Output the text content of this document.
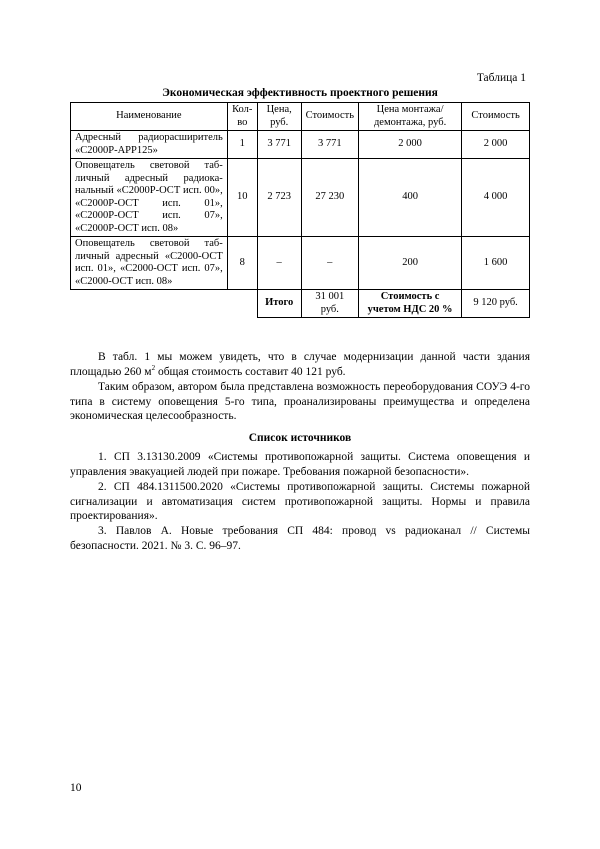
Таблица 1
Экономическая эффективность проектного решения
Наименование	Кол-во	Цена, руб.	Стоимость	Цена монтажа/ демонтажа, руб.	Стоимость
Адресный радиорасширитель «С2000Р-АРР125»	1	3 771	3 771	2 000	2 000
Оповещатель световой таб-личный адресный радиока-нальный «С2000Р-ОСТ исп. 00», «С2000Р-ОСТ исп. 01», «С2000Р-ОСТ исп. 07», «С2000Р-ОСТ исп. 08»	10	2 723	27 230	400	4 000
Оповещатель световой таб-личный адресный «С2000-ОСТ исп. 01», «С2000-ОСТ исп. 07», «С2000-ОСТ исп. 08»	8	–	–	200	1 600
		Итого	31 001 руб.	Стоимость с учетом НДС 20 %	9 120 руб.

В табл. 1 мы можем увидеть, что в случае модернизации данной части здания площадью 260 $м^2$ общая стоимость составит 40 121 руб.

Таким образом, автором была представлена возможность переоборудования СОУЭ 4-го типа в систему оповещения 5-го типа, проанализированы преимущества и определена экономическая целесообразность.

Список источников

1. СП 3.13130.2009 «Системы противопожарной защиты. Система оповещения и управления эвакуацией людей при пожаре. Требования пожарной безопасности».

2. СП 484.1311500.2020 «Системы противопожарной защиты. Системы пожарной сигнализации и автоматизация систем противопожарной защиты. Нормы и правила проектирования».

3. Павлов А. Новые требования СП 484: провод vs радиоканал // Системы безопасности. 2021. № 3. С. 96–97.

10
